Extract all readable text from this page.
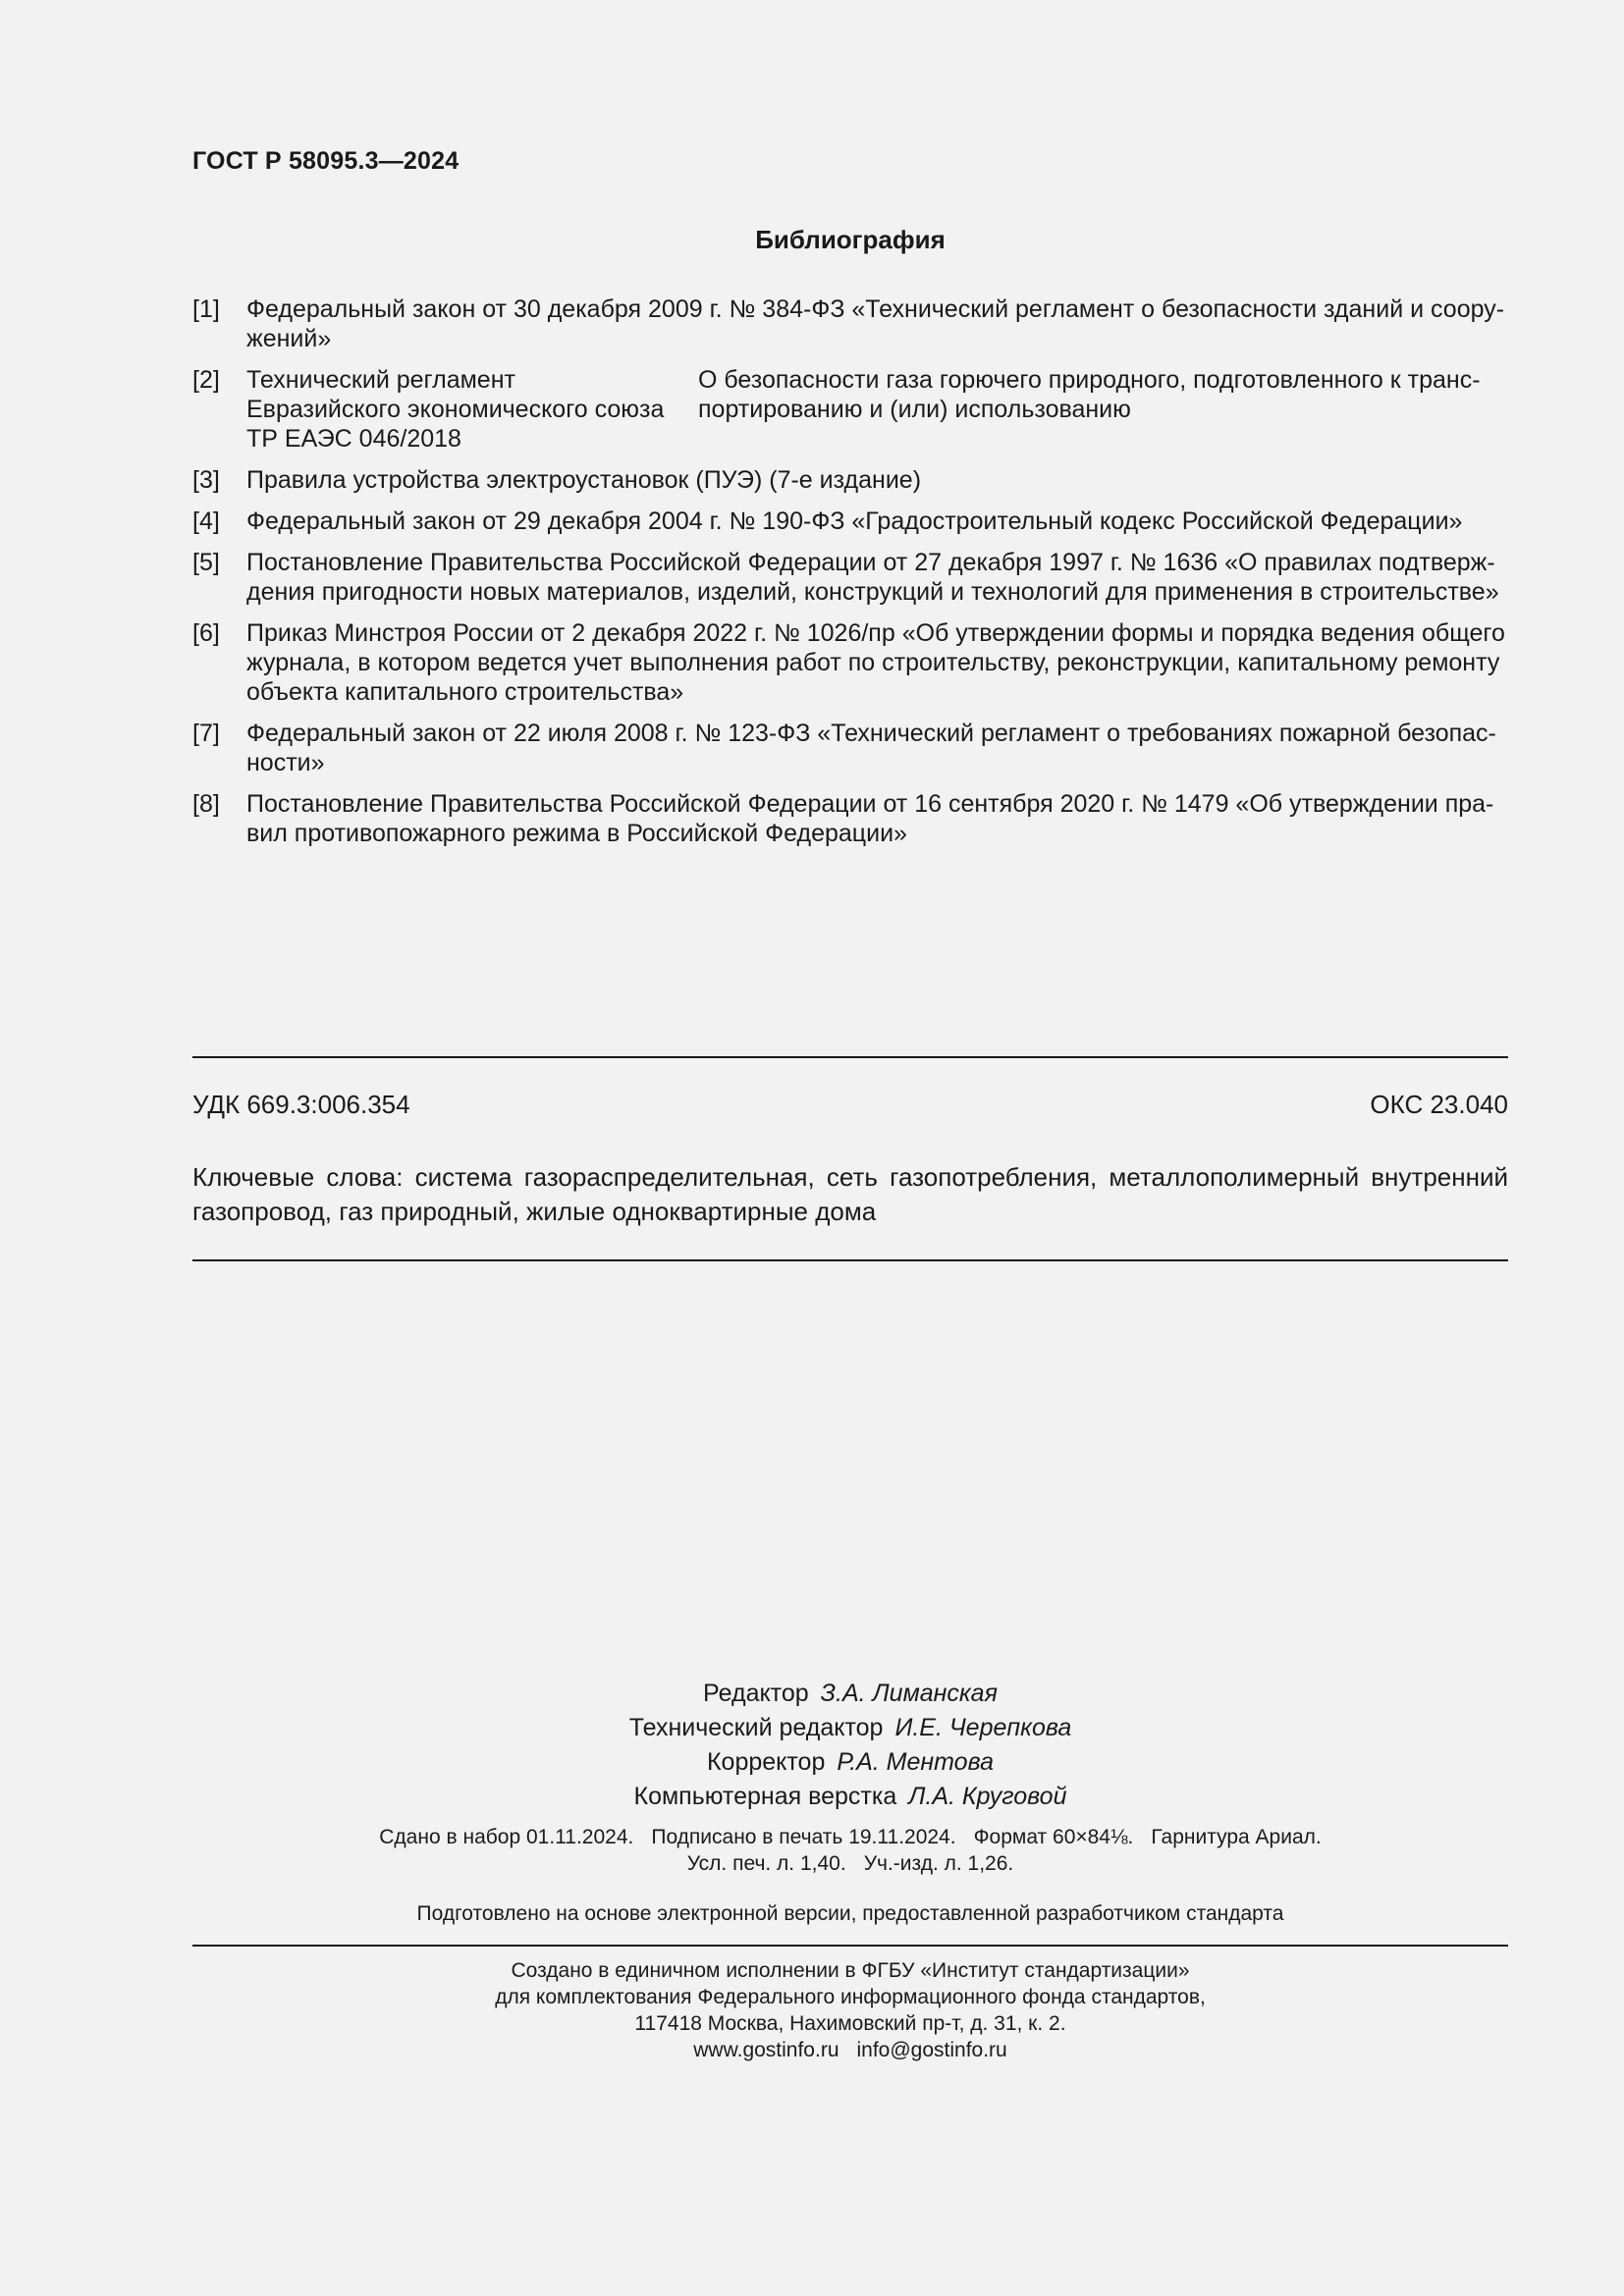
ГОСТ Р 58095.3—2024
Библиография
[1] Федеральный закон от 30 декабря 2009 г. № 384-ФЗ «Технический регламент о безопасности зданий и соору-
жений»
[2] Технический регламент
Евразийского экономического союза
ТР ЕАЭС 046/2018
О безопасности газа горючего природного, подготовленного к транс-
портированию и (или) использованию
[3] Правила устройства электроустановок (ПУЭ) (7-е издание)
[4] Федеральный закон от 29 декабря 2004 г. № 190-ФЗ «Градостроительный кодекс Российской Федерации»
[5] Постановление Правительства Российской Федерации от 27 декабря 1997 г. № 1636 «О правилах подтверж-
дения пригодности новых материалов, изделий, конструкций и технологий для применения в строительстве»
[6] Приказ Минстроя России от 2 декабря 2022 г. № 1026/пр «Об утверждении формы и порядка ведения общего
журнала, в котором ведется учет выполнения работ по строительству, реконструкции, капитальному ремонту
объекта капитального строительства»
[7] Федеральный закон от 22 июля 2008 г. № 123-ФЗ «Технический регламент о требованиях пожарной безопас-
ности»
[8] Постановление Правительства Российской Федерации от 16 сентября 2020 г. № 1479 «Об утверждении пра-
вил противопожарного режима в Российской Федерации»
УДК 669.3:006.354	ОКС 23.040
Ключевые слова: система газораспределительная, сеть газопотребления, металлополимерный внутренний газопровод, газ природный, жилые одноквартирные дома
Редактор З.А. Лиманская
Технический редактор И.Е. Черепкова
Корректор Р.А. Ментова
Компьютерная верстка Л.А. Круговой
Сдано в набор 01.11.2024. Подписано в печать 19.11.2024. Формат 60×84⅛. Гарнитура Ариал.
Усл. печ. л. 1,40. Уч.-изд. л. 1,26.
Подготовлено на основе электронной версии, предоставленной разработчиком стандарта
Создано в единичном исполнении в ФГБУ «Институт стандартизации»
для комплектования Федерального информационного фонда стандартов,
117418 Москва, Нахимовский пр-т, д. 31, к. 2.
www.gostinfo.ru info@gostinfo.ru
